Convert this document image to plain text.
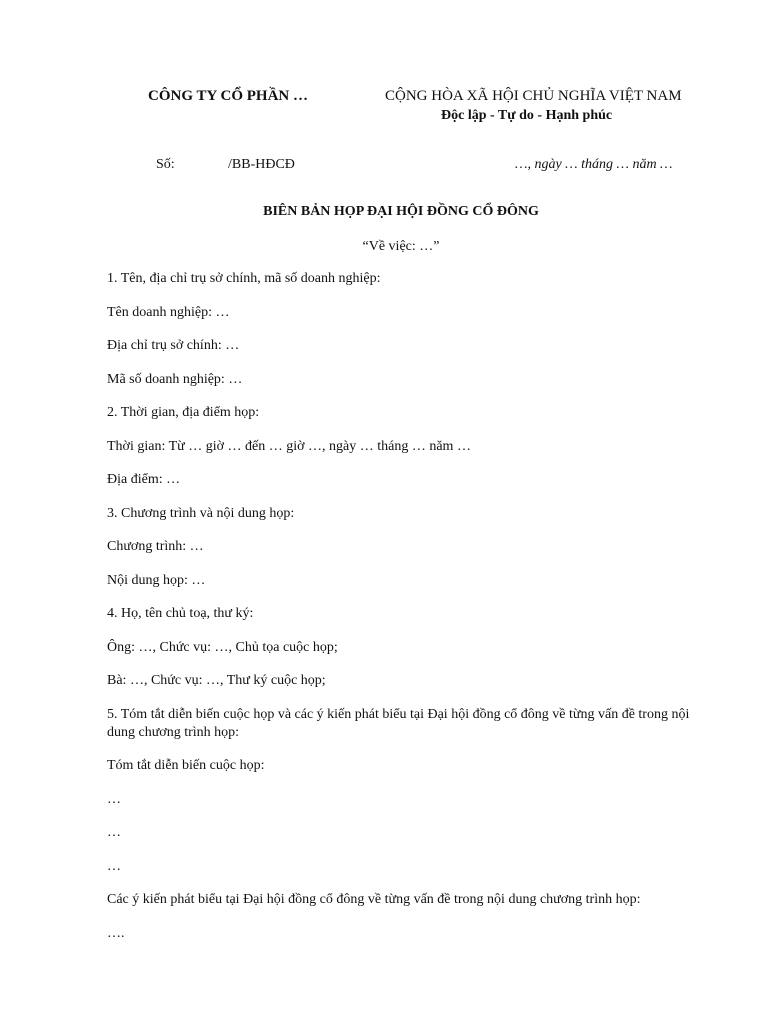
CÔNG TY CỔ PHẦN …	CỘNG HÒA XÃ HỘI CHỦ NGHĨA VIỆT NAM
Độc lập - Tự do - Hạnh phúc
Số:	/BB-HĐCĐ	…, ngày … tháng … năm …
BIÊN BẢN HỌP ĐẠI HỘI ĐỒNG CỔ ĐÔNG
“Về việc: …”
1. Tên, địa chỉ trụ sở chính, mã số doanh nghiệp:
Tên doanh nghiệp: …
Địa chỉ trụ sở chính: …
Mã số doanh nghiệp: …
2. Thời gian, địa điểm họp:
Thời gian: Từ … giờ … đến … giờ …, ngày … tháng … năm …
Địa điểm: …
3. Chương trình và nội dung họp:
Chương trình: …
Nội dung họp: …
4. Họ, tên chủ toạ, thư ký:
Ông: …, Chức vụ: …, Chủ tọa cuộc họp;
Bà: …, Chức vụ: …, Thư ký cuộc họp;
5. Tóm tắt diễn biến cuộc họp và các ý kiến phát biểu tại Đại hội đồng cổ đông về từng vấn đề trong nội dung chương trình họp:
Tóm tắt diễn biến cuộc họp:
…
…
…
Các ý kiến phát biểu tại Đại hội đồng cổ đông về từng vấn đề trong nội dung chương trình họp:
….
